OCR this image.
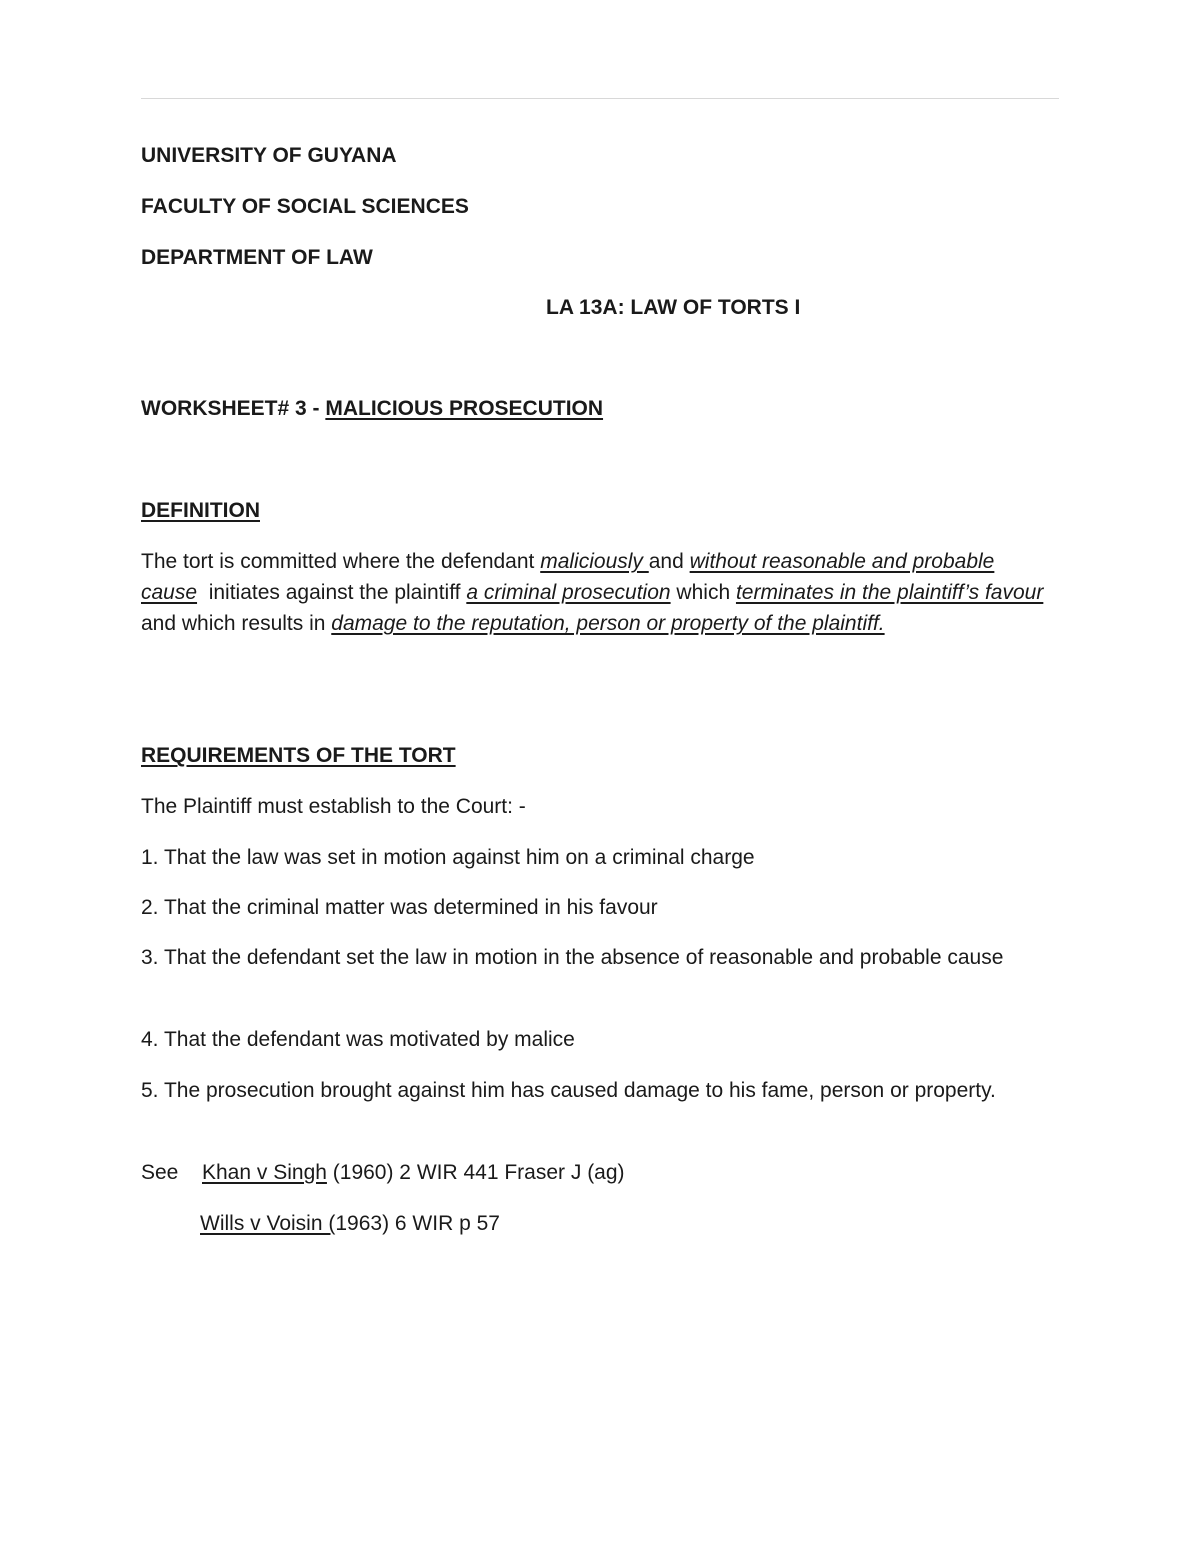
UNIVERSITY OF GUYANA
FACULTY OF SOCIAL SCIENCES
DEPARTMENT OF LAW
LA 13A: LAW OF TORTS I
WORKSHEET# 3 - MALICIOUS PROSECUTION
DEFINITION
The tort is committed where the defendant maliciously and without reasonable and probable cause  initiates against the plaintiff a criminal prosecution which terminates in the plaintiff’s favour and which results in damage to the reputation, person or property of the plaintiff.
REQUIREMENTS OF THE TORT
The Plaintiff must establish to the Court: -
1. That the law was set in motion against him on a criminal charge
2. That the criminal matter was determined in his favour
3. That the defendant set the law in motion in the absence of reasonable and probable cause
4. That the defendant was motivated by malice
5. The prosecution brought against him has caused damage to his fame, person or property.
See Khan v Singh (1960) 2 WIR 441 Fraser J (ag)
Wills v Voisin (1963) 6 WIR p 57
